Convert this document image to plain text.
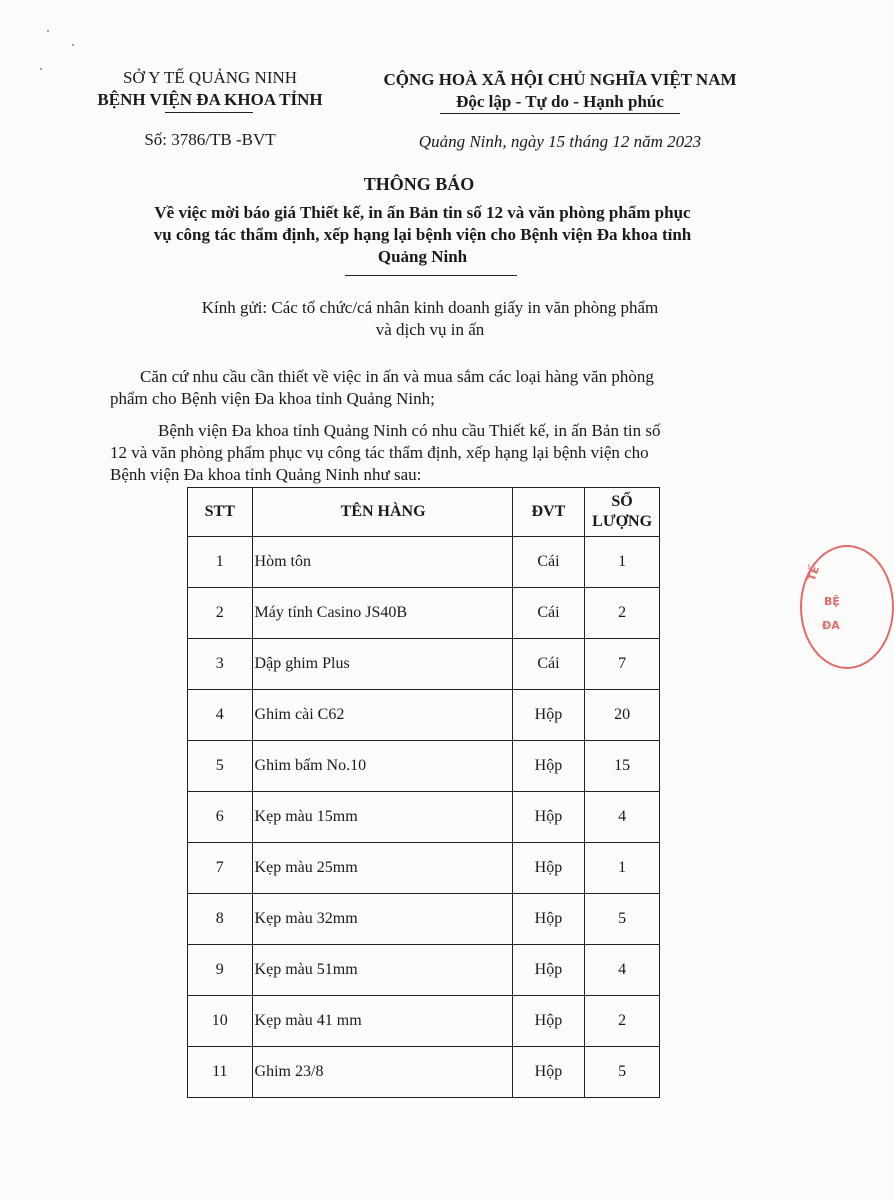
SỞ Y TẾ QUẢNG NINH
BỆNH VIỆN ĐA KHOA TỈNH
Số: 3786/TB -BVT
CỘNG HOÀ XÃ HỘI CHỦ NGHĨA VIỆT NAM
Độc lập - Tự do - Hạnh phúc
Quảng Ninh, ngày 15 tháng 12 năm 2023
THÔNG BÁO
Về việc mời báo giá Thiết kế, in ấn Bản tin số 12 và văn phòng phẩm phục
vụ công tác thẩm định, xếp hạng lại bệnh viện cho Bệnh viện Đa khoa tỉnh
Quảng Ninh
Kính gửi: Các tổ chức/cá nhân kinh doanh giấy in văn phòng phẩm
và dịch vụ in ấn
Căn cứ nhu cầu cần thiết về việc in ấn và mua sắm các loại hàng văn phòng
phẩm cho Bệnh viện Đa khoa tỉnh Quảng Ninh;
Bệnh viện Đa khoa tỉnh Quảng Ninh có nhu cầu Thiết kế, in ấn Bản tin số
12 và văn phòng phẩm phục vụ công tác thẩm định, xếp hạng lại bệnh viện cho
Bệnh viện Đa khoa tỉnh Quảng Ninh như sau:
STT	TÊN HÀNG	ĐVT	SỐ
LƯỢNG

1	Hòm tôn	Cái	1
2	Máy tính Casino JS40B	Cái	2
3	Dập ghim Plus	Cái	7
4	Ghim cài C62	Hộp	20
5	Ghim bấm No.10	Hộp	15
6	Kẹp màu 15mm	Hộp	4
7	Kẹp màu 25mm	Hộp	1
8	Kẹp màu 32mm	Hộp	5
9	Kẹp màu 51mm	Hộp	4
10	Kẹp màu 41 mm	Hộp	2
11	Ghim 23/8	Hộp	5
TẾ
BỆ
ĐA
